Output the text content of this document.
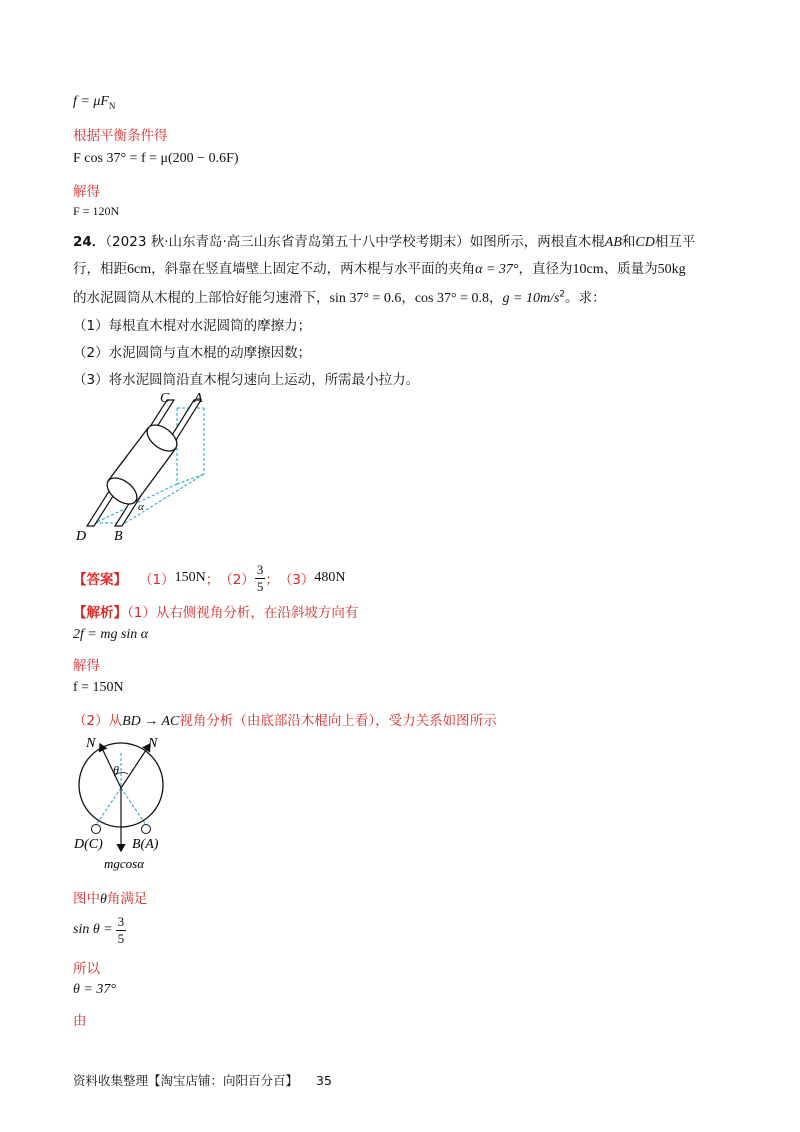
$f = \mu F_N$
根据平衡条件得
F cos 37° = f = μ(200 − 0.6F)
解得
F = 120N
24．（2023 秋·山东青岛·高三山东省青岛第五十八中学校考期末）如图所示，两根直木棍AB和CD相互平
行，相距6cm，斜靠在竖直墙壁上固定不动，两木棍与水平面的夹角α = 37°，直径为10cm、质量为50kg
的水泥圆筒从木棍的上部恰好能匀速滑下，sin 37° = 0.6，cos 37° = 0.8，$g = 10m/s^2$。求：
（1）每根直木棍对水泥圆筒的摩擦力；
（2）水泥圆筒与直木棍的动摩擦因数；
（3）将水泥圆筒沿直木棍匀速向上运动，所需最小拉力。
C A
α
D B
【答案】 （1） 150N ； $(2) \frac{3}{5}$ ； （3） 480N
【解析】（1）从右侧视角分析，在沿斜坡方向有
2f = mg sin α
解得
f = 150N
（2）从BD → AC视角分析（由底部沿木棍向上看），受力关系如图所示
N	N
θ
D(C) B(A)
mgcosα
图中θ角满足
$\sin \theta = \frac{3}{5}$
所以
θ = 37°
由
资料收集整理【淘宝店铺：向阳百分百】 35
